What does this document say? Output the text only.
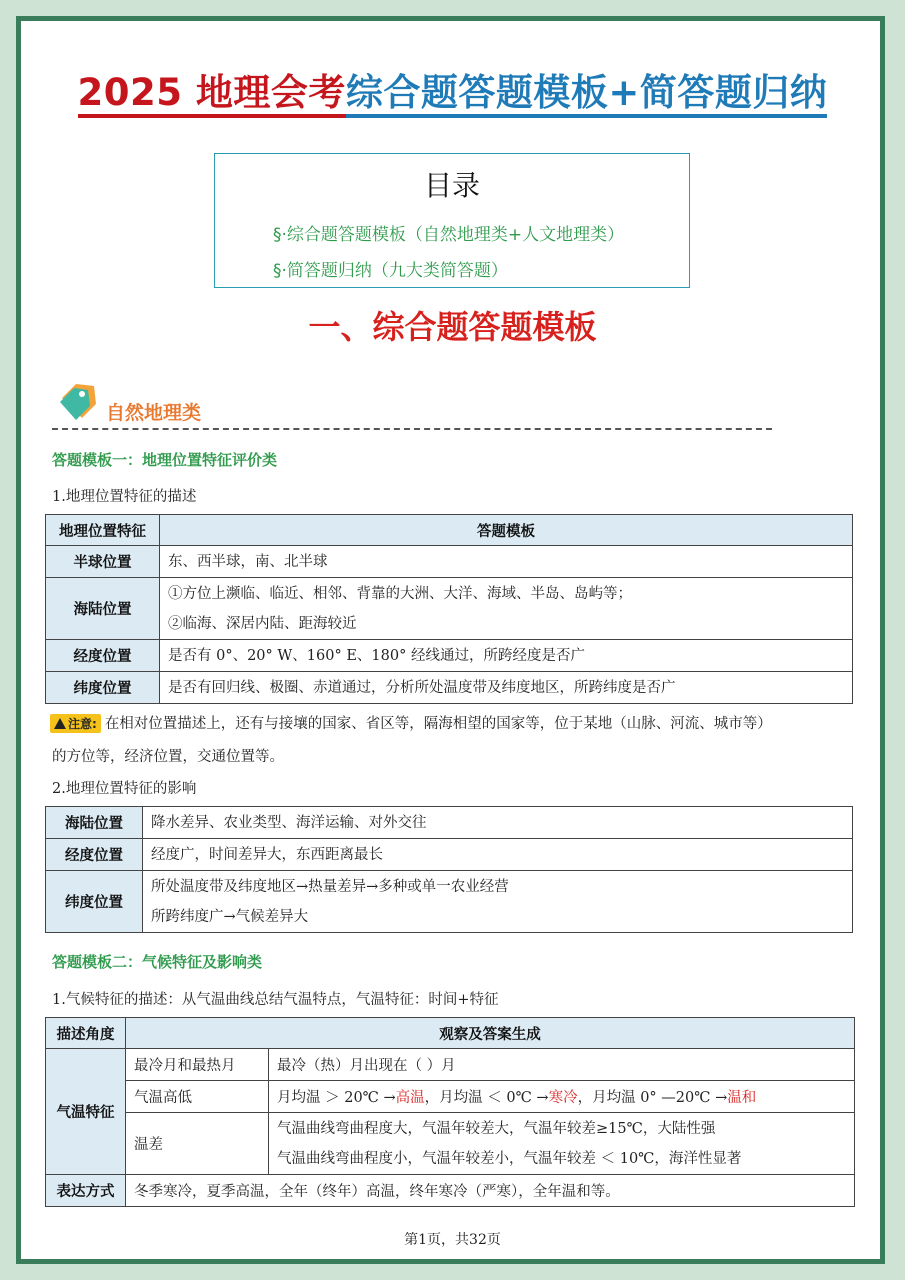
2025 地理会考综合题答题模板+简答题归纳
目录
§·综合题答题模板（自然地理类+人文地理类）
§·简答题归纳（九大类简答题）
一、综合题答题模板
自然地理类
答题模板一：地理位置特征评价类
1.地理位置特征的描述
地理位置特征	答题模板
半球位置	东、西半球，南、北半球

海陆位置	①方位上濒临、临近、相邻、背靠的大洲、大洋、海域、半岛、岛屿等；
②临海、深居内陆、距海较近

经度位置	是否有 0°、20° W、160° E、180° 经线通过，所跨经度是否广

纬度位置	是否有回归线、极圈、赤道通过，分析所处温度带及纬度地区，所跨纬度是否广
注意: 在相对位置描述上，还有与接壤的国家、省区等，隔海相望的国家等，位于某地（山脉、河流、城市等）
的方位等，经济位置，交通位置等。
2.地理位置特征的影响
海陆位置	降水差异、农业类型、海洋运输、对外交往

经度位置	经度广，时间差异大，东西距离最长

纬度位置	所处温度带及纬度地区→热量差异→多种或单一农业经营
所跨纬度广→气候差异大
答题模板二：气候特征及影响类
1.气候特征的描述：从气温曲线总结气温特点，气温特征：时间+特征
描述角度	观察及答案生成	
气温特征	最冷月和最热月	最冷（热）月出现在（ ）月
	气温高低	月均温 ＞ 20℃ →高温，月均温 ＜ 0℃ →寒冷，月均温 0° —20℃ →温和
	温差	气温曲线弯曲程度大，气温年较差大，气温年较差≥15℃，大陆性强
气温曲线弯曲程度小，气温年较差小，气温年较差 ＜ 10℃，海洋性显著

表达方式	冬季寒冷，夏季高温，全年（终年）高温，终年寒冷（严寒），全年温和等。	
第1页，共32页
